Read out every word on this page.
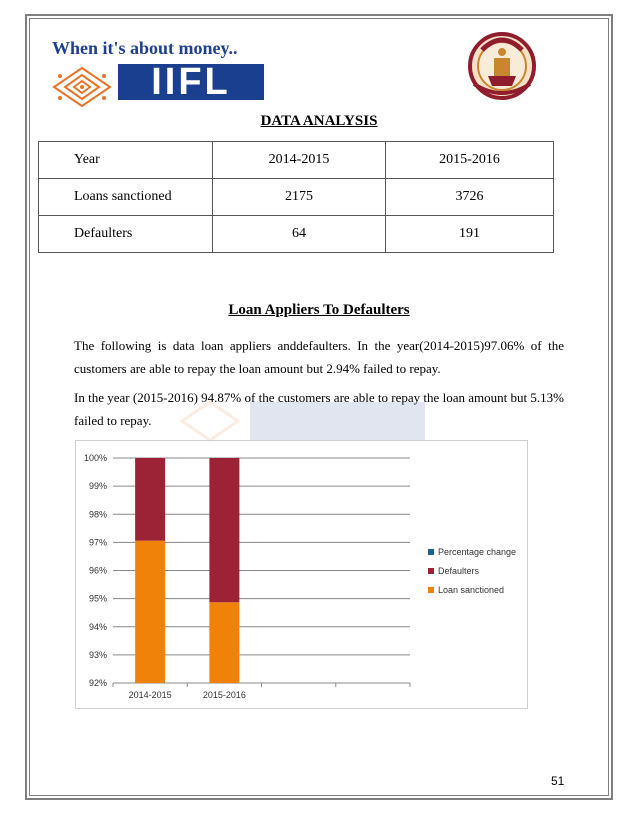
When it's about money..
IIFL
DATA ANALYSIS
Year	2014-2015	2015-2016
Loans sanctioned	2175	3726
Defaulters	64	191
Loan Appliers To Defaulters
The following is data loan appliers anddefaulters. In the year(2014-2015)97.06% of the customers are able to repay the loan amount but 2.94% failed to repay.
In the year (2015-2016) 94.87% of the customers are able to repay the loan amount but 5.13% failed to repay.
92%
93%
94%
95%
96%
97%
98%
99%
100%
2014-2015	2015-2016
Percentage change
Defaulters
Loan sanctioned
51
